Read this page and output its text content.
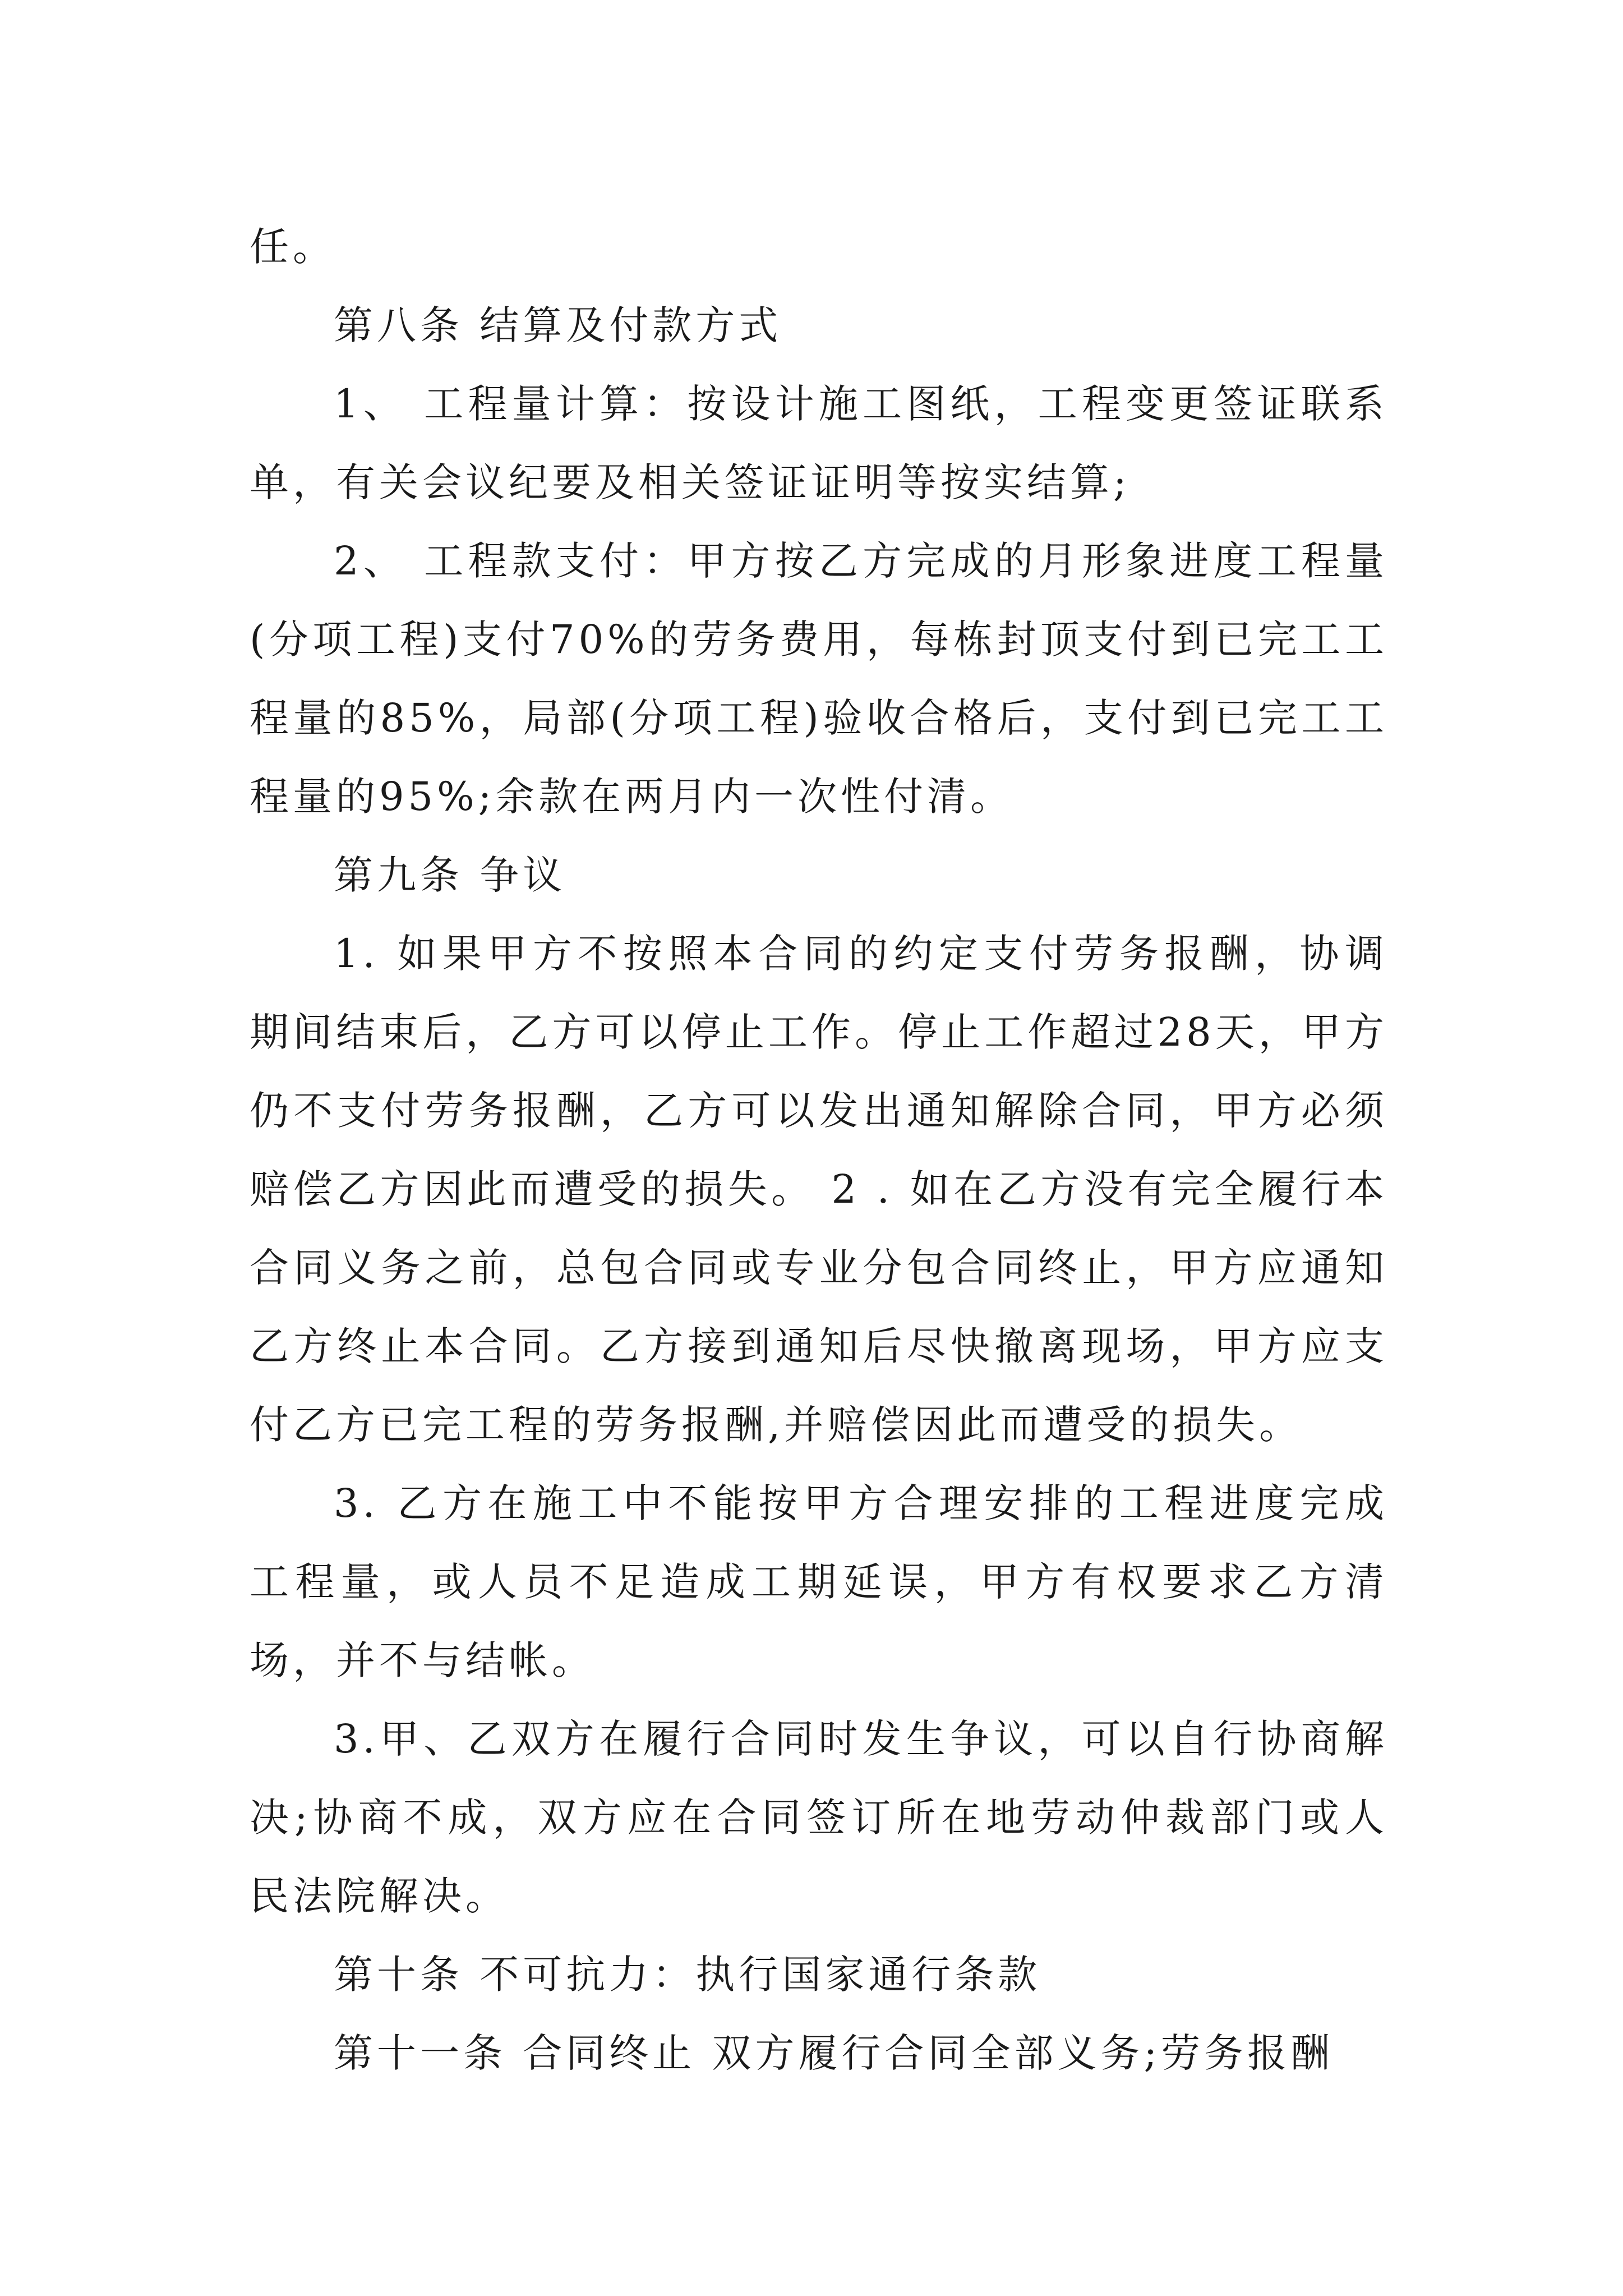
任。

第八条 结算及付款方式

1、 工程量计算：按设计施工图纸，工程变更签证联系单，有关会议纪要及相关签证证明等按实结算;

2、 工程款支付：甲方按乙方完成的月形象进度工程量(分项工程)支付70%的劳务费用，每栋封顶支付到已完工工程量的85%，局部(分项工程)验收合格后，支付到已完工工程量的95%;余款在两月内一次性付清。

第九条 争议

1. 如果甲方不按照本合同的约定支付劳务报酬，协调期间结束后，乙方可以停止工作。停止工作超过28天，甲方仍不支付劳务报酬，乙方可以发出通知解除合同，甲方必须赔偿乙方因此而遭受的损失。 2 . 如在乙方没有完全履行本合同义务之前，总包合同或专业分包合同终止，甲方应通知乙方终止本合同。乙方接到通知后尽快撤离现场，甲方应支付乙方已完工程的劳务报酬,并赔偿因此而遭受的损失。

3. 乙方在施工中不能按甲方合理安排的工程进度完成工程量，或人员不足造成工期延误，甲方有权要求乙方清场，并不与结帐。

3.甲、乙双方在履行合同时发生争议，可以自行协商解决;协商不成，双方应在合同签订所在地劳动仲裁部门或人民法院解决。

第十条 不可抗力：执行国家通行条款

第十一条 合同终止 双方履行合同全部义务;劳务报酬
